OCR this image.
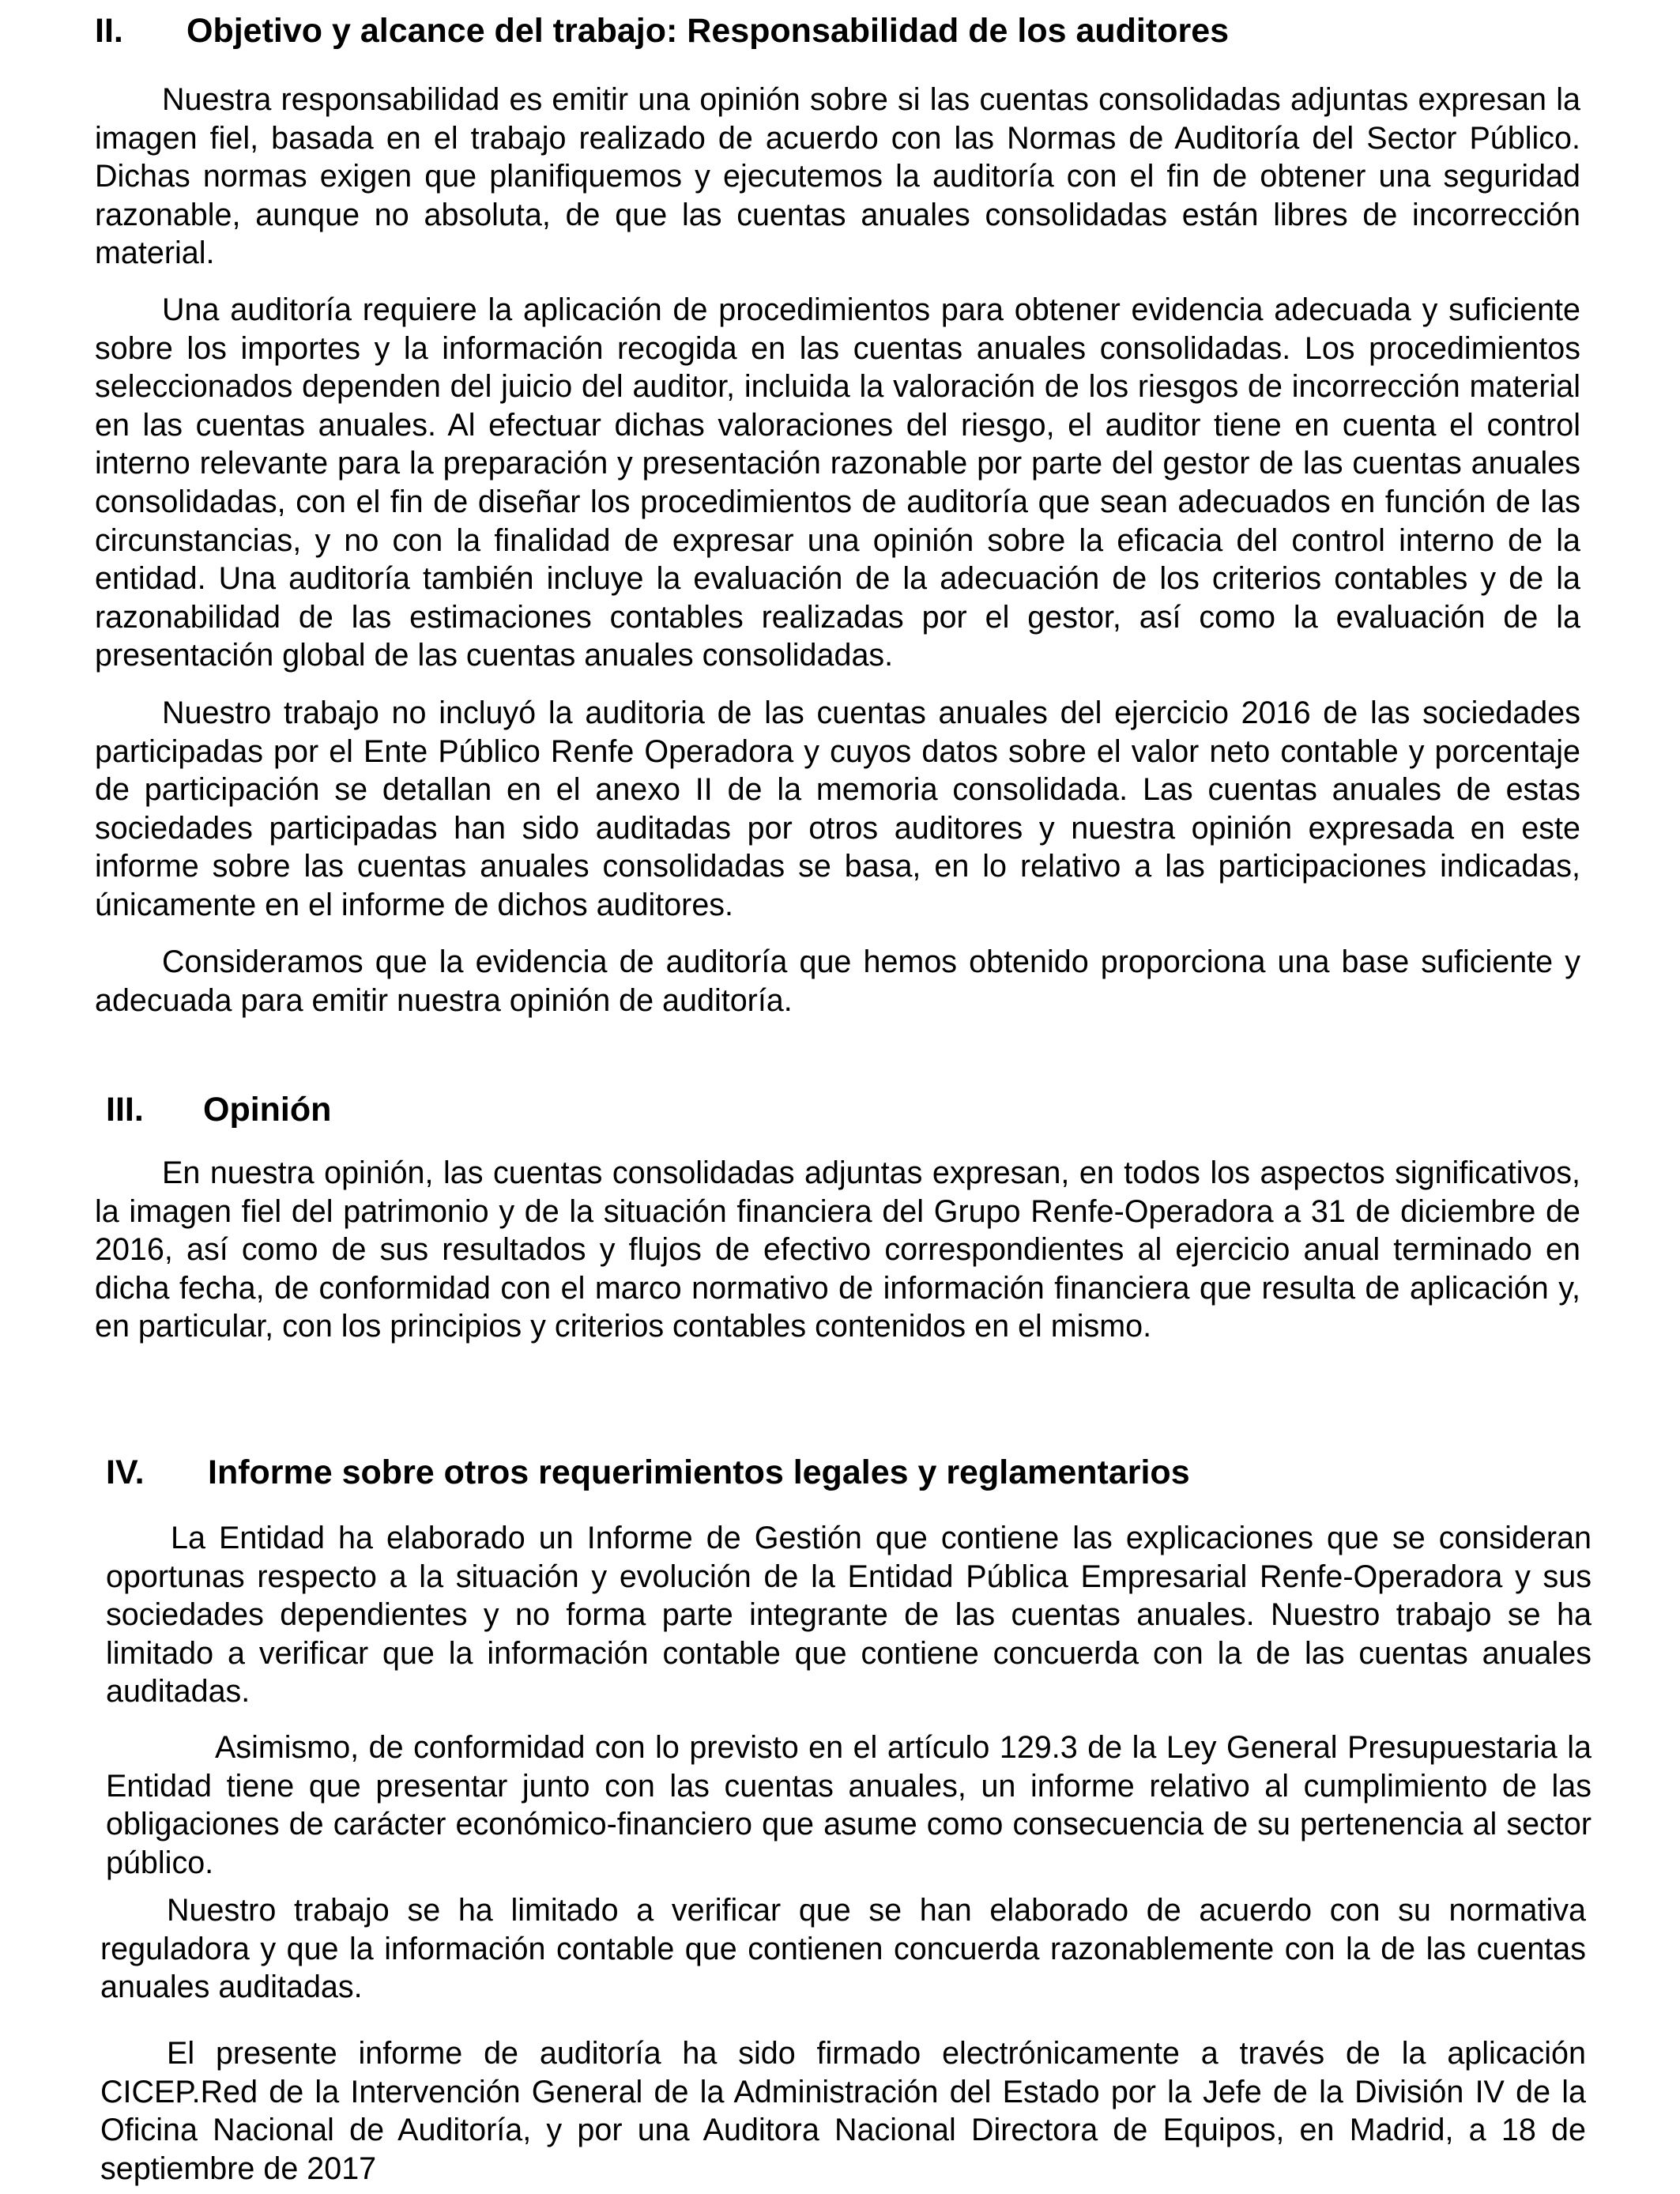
II. Objetivo y alcance del trabajo: Responsabilidad de los auditores

Nuestra responsabilidad es emitir una opinión sobre si las cuentas consolidadas adjuntas expresan la imagen fiel, basada en el trabajo realizado de acuerdo con las Normas de Auditoría del Sector Público. Dichas normas exigen que planifiquemos y ejecutemos la auditoría con el fin de obtener una seguridad razonable, aunque no absoluta, de que las cuentas anuales consolidadas están libres de incorrección material.

Una auditoría requiere la aplicación de procedimientos para obtener evidencia adecuada y suficiente sobre los importes y la información recogida en las cuentas anuales consolidadas. Los procedimientos seleccionados dependen del juicio del auditor, incluida la valoración de los riesgos de incorrección material en las cuentas anuales. Al efectuar dichas valoraciones del riesgo, el auditor tiene en cuenta el control interno relevante para la preparación y presentación razonable por parte del gestor de las cuentas anuales consolidadas, con el fin de diseñar los procedimientos de auditoría que sean adecuados en función de las circunstancias, y no con la finalidad de expresar una opinión sobre la eficacia del control interno de la entidad. Una auditoría también incluye la evaluación de la adecuación de los criterios contables y de la razonabilidad de las estimaciones contables realizadas por el gestor, así como la evaluación de la presentación global de las cuentas anuales consolidadas.

Nuestro trabajo no incluyó la auditoria de las cuentas anuales del ejercicio 2016 de las sociedades participadas por el Ente Público Renfe Operadora y cuyos datos sobre el valor neto contable y porcentaje de participación se detallan en el anexo II de la memoria consolidada. Las cuentas anuales de estas sociedades participadas han sido auditadas por otros auditores y nuestra opinión expresada en este informe sobre las cuentas anuales consolidadas se basa, en lo relativo a las participaciones indicadas, únicamente en el informe de dichos auditores.

Consideramos que la evidencia de auditoría que hemos obtenido proporciona una base suficiente y adecuada para emitir nuestra opinión de auditoría.

III. Opinión

En nuestra opinión, las cuentas consolidadas adjuntas expresan, en todos los aspectos significativos, la imagen fiel del patrimonio y de la situación financiera del Grupo Renfe-Operadora a 31 de diciembre de 2016, así como de sus resultados y flujos de efectivo correspondientes al ejercicio anual terminado en dicha fecha, de conformidad con el marco normativo de información financiera que resulta de aplicación y, en particular, con los principios y criterios contables contenidos en el mismo.

IV. Informe sobre otros requerimientos legales y reglamentarios

La Entidad ha elaborado un Informe de Gestión que contiene las explicaciones que se consideran oportunas respecto a la situación y evolución de la Entidad Pública Empresarial Renfe-Operadora y sus sociedades dependientes y no forma parte integrante de las cuentas anuales. Nuestro trabajo se ha limitado a verificar que la información contable que contiene concuerda con la de las cuentas anuales auditadas.

Asimismo, de conformidad con lo previsto en el artículo 129.3 de la Ley General Presupuestaria la Entidad tiene que presentar junto con las cuentas anuales, un informe relativo al cumplimiento de las obligaciones de carácter económico-financiero que asume como consecuencia de su pertenencia al sector público.

Nuestro trabajo se ha limitado a verificar que se han elaborado de acuerdo con su normativa reguladora y que la información contable que contienen concuerda razonablemente con la de las cuentas anuales auditadas.

El presente informe de auditoría ha sido firmado electrónicamente a través de la aplicación CICEP.Red de la Intervención General de la Administración del Estado por la Jefe de la División IV de la Oficina Nacional de Auditoría, y por una Auditora Nacional Directora de Equipos, en Madrid, a 18 de septiembre de 2017
